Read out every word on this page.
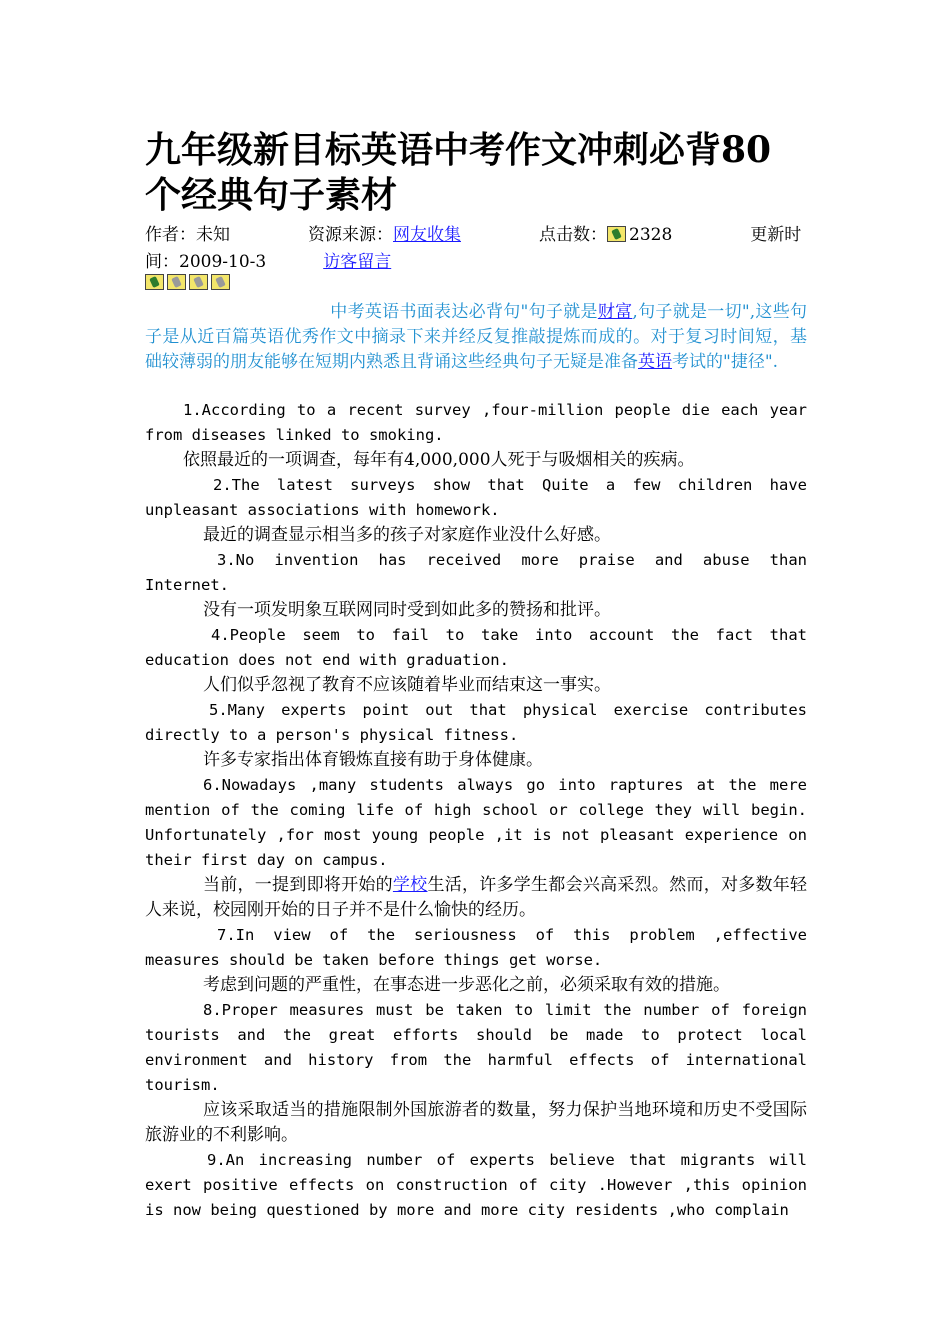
九年级新目标英语中考作文冲刺必背80个经典句子素材
作者：未知	资源来源：网友收集	点击数： 2328	更新时间：2009-10-3	访客留言
中考英语书面表达必背句"句子就是财富,句子就是一切",这些句子是从近百篇英语优秀作文中摘录下来并经反复推敲提炼而成的。对于复习时间短，基础较薄弱的朋友能够在短期内熟悉且背诵这些经典句子无疑是准备英语考试的"捷径".

1.According to a recent survey ,four-million people die each year from diseases linked to smoking.

依照最近的一项调查，每年有4,000,000人死于与吸烟相关的疾病。

2.The latest surveys show that Quite a few children have unpleasant associations with homework.

最近的调查显示相当多的孩子对家庭作业没什么好感。

3.No invention has received more praise and abuse than Internet.

没有一项发明象互联网同时受到如此多的赞扬和批评。

4.People seem to fail to take into account the fact that education does not end with graduation.

人们似乎忽视了教育不应该随着毕业而结束这一事实。

5.Many experts point out that physical exercise contributes directly to a person's physical fitness.

许多专家指出体育锻炼直接有助于身体健康。

6.Nowadays ,many students always go into raptures at the mere mention of the coming life of high school or college they will begin. Unfortunately ,for most young people ,it is not pleasant experience on their first day on campus.

当前，一提到即将开始的学校生活，许多学生都会兴高采烈。然而，对多数年轻人来说，校园刚开始的日子并不是什么愉快的经历。

7.In view of the seriousness of this problem ,effective measures should be taken before things get worse.

考虑到问题的严重性，在事态进一步恶化之前，必须采取有效的措施。

8.Proper measures must be taken to limit the number of foreign tourists and the great efforts should be made to protect local environment and history from the harmful effects of international tourism.

应该采取适当的措施限制外国旅游者的数量，努力保护当地环境和历史不受国际旅游业的不利影响。

9.An increasing number of experts believe that migrants will exert positive effects on construction of city .However ,this opinion is now being questioned by more and more city residents ,who complain
